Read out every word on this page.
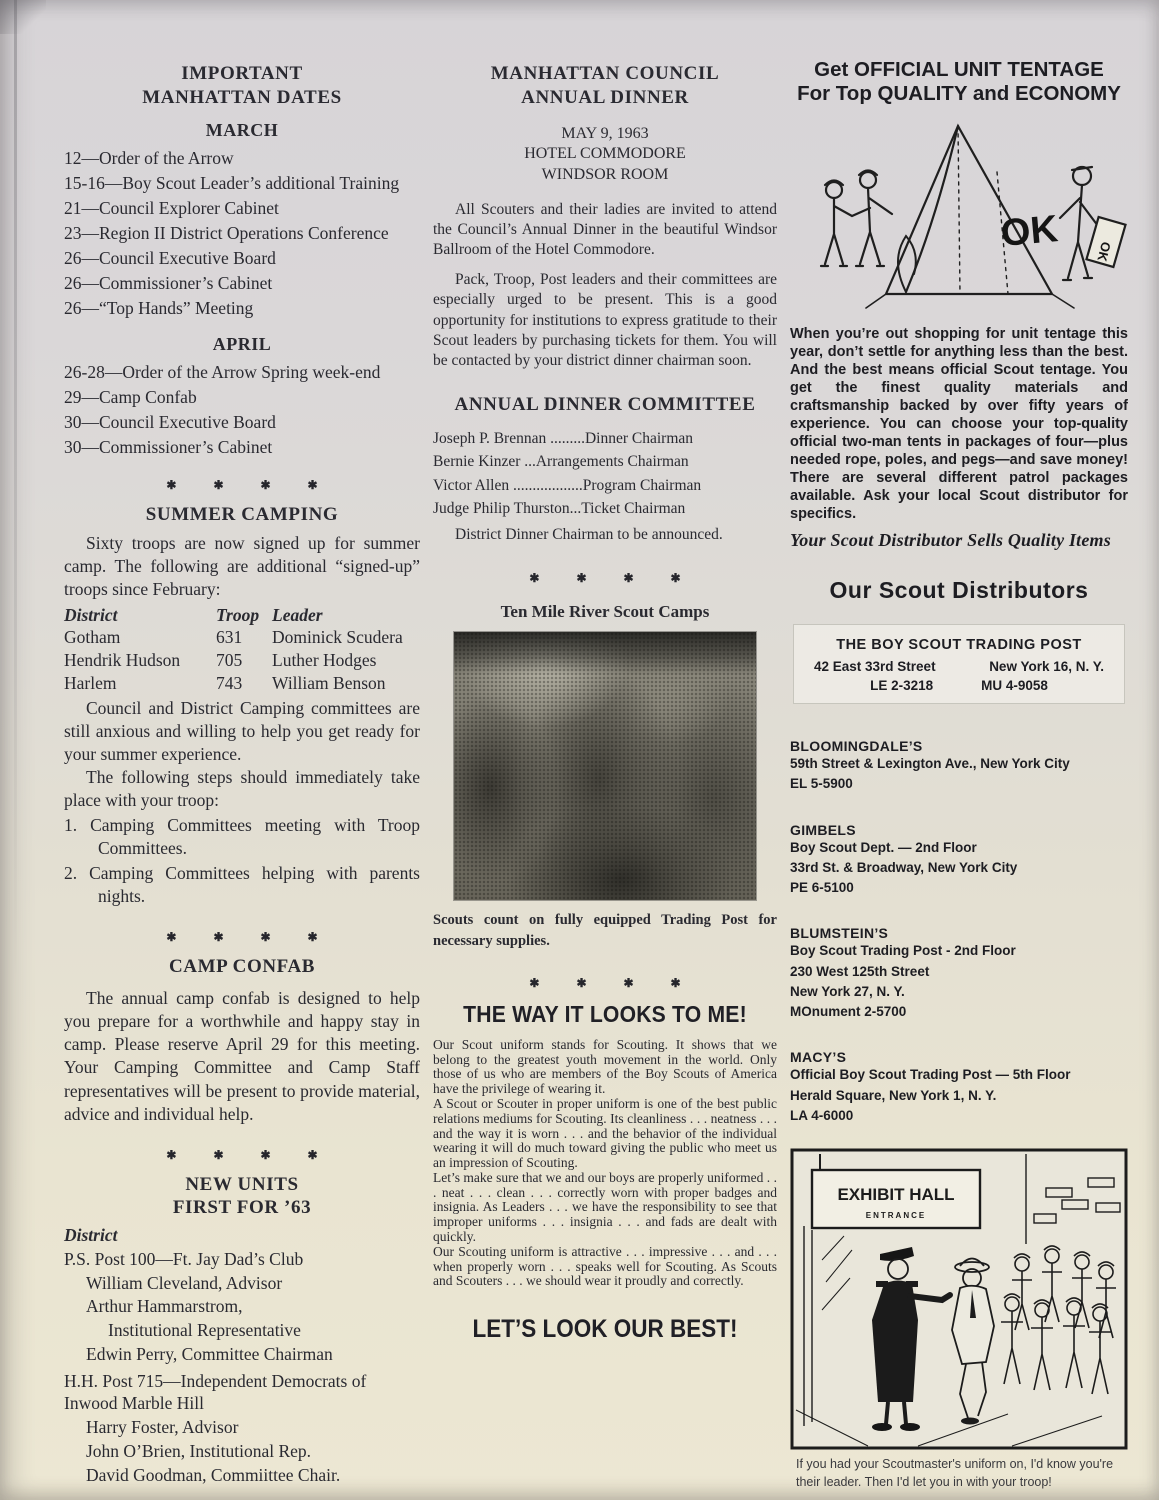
IMPORTANT
MANHATTAN DATES
MARCH
12—Order of the Arrow
15-16—Boy Scout Leader’s additional Training
21—Council Explorer Cabinet
23—Region II District Operations Conference
26—Council Executive Board
26—Commissioner’s Cabinet
26—“Top Hands” Meeting
APRIL
26-28—Order of the Arrow Spring week-end
29—Camp Confab
30—Council Executive Board
30—Commissioner’s Cabinet
✱ ✱ ✱ ✱
SUMMER CAMPING

Sixty troops are now signed up for summer camp. The following are additional “signed-up” troops since February:

District	Troop Leader
Gotham	631	Dominick Scudera
Hendrik Hudson	705	Luther Hodges
Harlem	743	William Benson

Council and District Camping committees are still anxious and willing to help you get ready for your summer experience.

The following steps should immediately take place with your troop:

1. Camping Committees meeting with Troop Committees.
2. Camping Committees helping with parents nights.
✱ ✱ ✱ ✱
CAMP CONFAB

The annual camp confab is designed to help you prepare for a worthwhile and happy stay in camp. Please reserve April 29 for this meeting. Your Camping Committee and Camp Staff representatives will be present to provide material, advice and individual help.

✱ ✱ ✱ ✱
NEW UNITS
FIRST FOR ’63
District
P.S. Post 100—Ft. Jay Dad’s Club
William Cleveland, Advisor
Arthur Hammarstrom,
Institutional Representative
Edwin Perry, Committee Chairman
H.H. Post 715—Independent Democrats of Inwood Marble Hill
Harry Foster, Advisor
John O’Brien, Institutional Rep.
David Goodman, Commiittee Chair.
MANHATTAN COUNCIL
ANNUAL DINNER
MAY 9, 1963
HOTEL COMMODORE
WINDSOR ROOM

All Scouters and their ladies are invited to attend the Council’s Annual Dinner in the beautiful Windsor Ballroom of the Hotel Commodore.

Pack, Troop, Post leaders and their committees are especially urged to be present. This is a good opportunity for institutions to express gratitude to their Scout leaders by purchasing tickets for them. You will be contacted by your district dinner chairman soon.

ANNUAL DINNER COMMITTEE

Joseph P. Brennan .........Dinner Chairman

Bernie Kinzer ...Arrangements Chairman

Victor Allen ..................Program Chairman

Judge Philip Thurston...Ticket Chairman

District Dinner Chairman to be announced.

✱ ✱ ✱ ✱
Ten Mile River Scout Camps

Scouts count on fully equipped Trading Post for necessary supplies.

✱ ✱ ✱ ✱
THE WAY IT LOOKS TO ME!

Our Scout uniform stands for Scouting. It shows that we belong to the greatest youth movement in the world. Only those of us who are members of the Boy Scouts of America have the privilege of wearing it.

A Scout or Scouter in proper uniform is one of the best public relations mediums for Scouting. Its cleanliness . . . neatness . . . and the way it is worn . . . and the behavior of the individual wearing it will do much toward giving the public who meet us an impression of Scouting.

Let’s make sure that we and our boys are properly uniformed . . . neat . . . clean . . . correctly worn with proper badges and insignia. As Leaders . . . we have the responsibility to see that improper uniforms . . . insignia . . . and fads are dealt with quickly.

Our Scouting uniform is attractive . . . impressive . . . and . . . when properly worn . . . speaks well for Scouting. As Scouts and Scouters . . . we should wear it proudly and correctly.

LET’S LOOK OUR BEST!
Get OFFICIAL UNIT TENTAGE
For Top QUALITY and ECONOMY
OK	OK

When you’re out shopping for unit tentage this year, don’t settle for anything less than the best. And the best means official Scout tentage. You get the finest quality materials and craftsmanship backed by over fifty years of experience. You can choose your top-quality official two-man tents in packages of four—plus needed rope, poles, and pegs—and save money! There are several different patrol packages available. Ask your local Scout distributor for specifics.

Your Scout Distributor Sells Quality Items

Our Scout Distributors
THE BOY SCOUT TRADING POST
42 East 33rd Street	New York 16, N. Y.
LE 2-3218	MU 4-9058
BLOOMINGDALE’S
59th Street & Lexington Ave., New York City
EL 5-5900
GIMBELS
Boy Scout Dept. — 2nd Floor
33rd St. & Broadway, New York City
PE 6-5100
BLUMSTEIN’S
Boy Scout Trading Post - 2nd Floor
230 West 125th Street
New York 27, N. Y.
MOnument 2-5700
MACY’S
Official Boy Scout Trading Post — 5th Floor
Herald Square, New York 1, N. Y.
LA 4-6000
EXHIBIT HALL
ENTRANCE

If you had your Scoutmaster's uniform on, I'd know you're their leader. Then I'd let you in with your troop!
